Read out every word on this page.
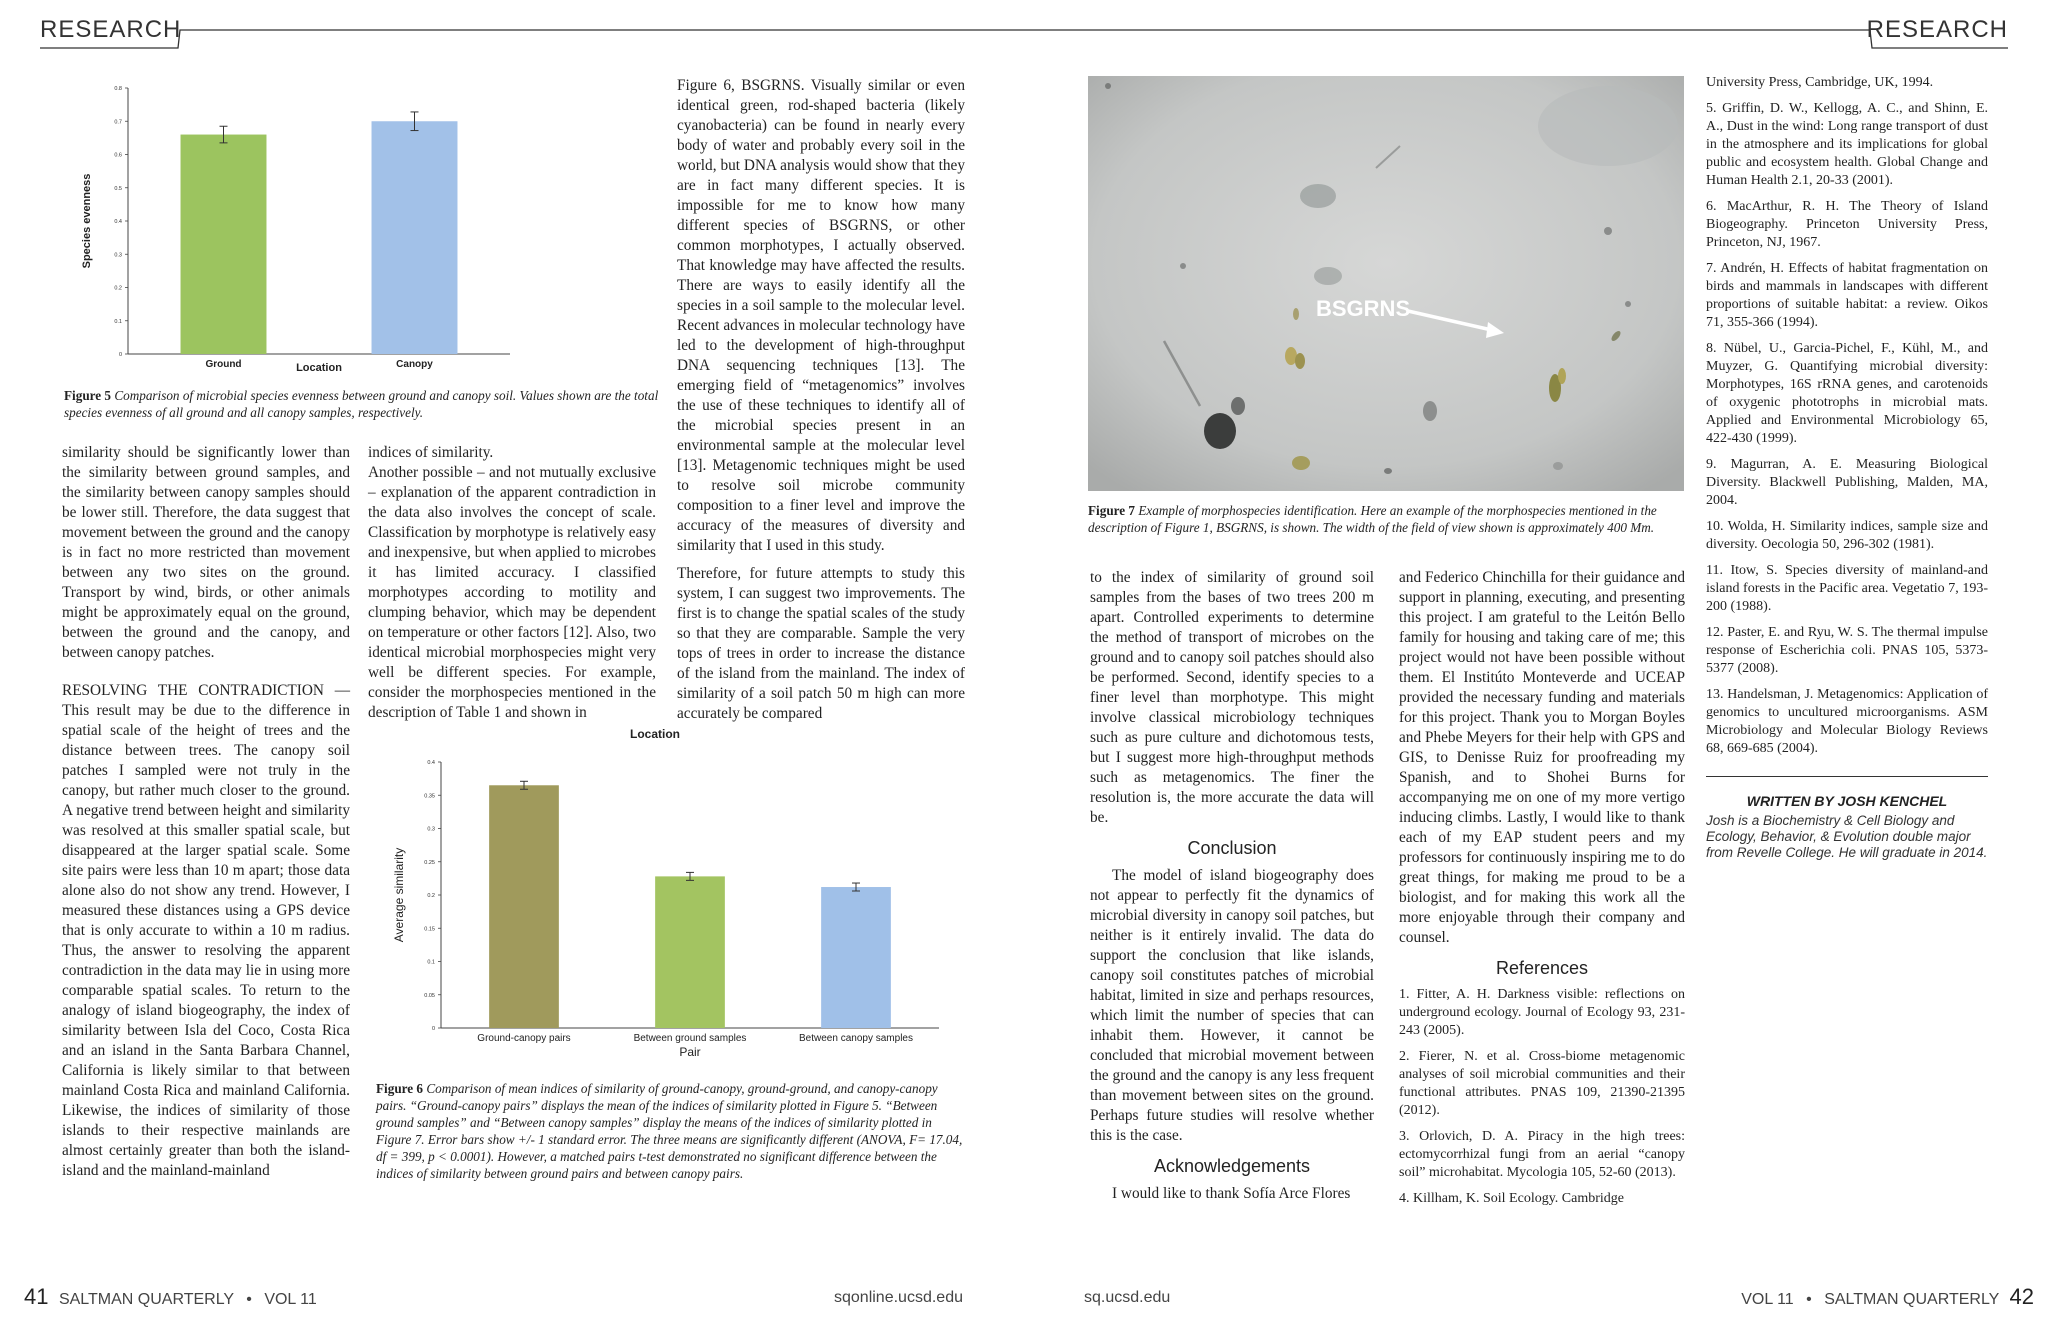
RESEARCH	RESEARCH
0
0.1
0.2
0.3
0.4
0.5
0.6
0.7
0.8
Ground	Canopy
Location
Species evenness
Figure 5 Comparison of microbial species evenness between ground and canopy soil. Values shown are the total species evenness of all ground and all canopy samples, respectively.

similarity should be significantly lower than the similarity between ground samples, and the similarity between canopy samples should be lower still. Therefore, the data suggest that movement between the ground and the canopy is in fact no more restricted than movement between any two sites on the ground. Transport by wind, birds, or other animals might be approximately equal on the ground, between the ground and the canopy, and between canopy patches.

RESOLVING THE CONTRADICTION — This result may be due to the difference in spatial scale of the height of trees and the distance between trees. The canopy soil patches I sampled were not truly in the canopy, but rather much closer to the ground. A negative trend between height and similarity was resolved at this smaller spatial scale, but disappeared at the larger spatial scale. Some site pairs were less than 10 m apart; those data alone also do not show any trend. However, I measured these distances using a GPS device that is only accurate to within a 10 m radius. Thus, the answer to resolving the apparent contradiction in the data may lie in using more comparable spatial scales. To return to the analogy of island biogeography, the index of similarity between Isla del Coco, Costa Rica and an island in the Santa Barbara Channel, California is likely similar to that between mainland Costa Rica and mainland California. Likewise, the indices of similarity of those islands to their respective mainlands are almost certainly greater than both the island-island and the mainland-mainland

indices of similarity.

Another possible – and not mutually exclusive – explanation of the apparent contradiction in the data also involves the concept of scale. Classification by morphotype is relatively easy and inexpensive, but when applied to microbes it has limited accuracy. I classified morphotypes according to motility and clumping behavior, which may be dependent on temperature or other factors [12]. Also, two identical microbial morphospecies might very well be different species. For example, consider the morphospecies mentioned in the description of Table 1 and shown in

Figure 6, BSGRNS. Visually similar or even identical green, rod-shaped bacteria (likely cyanobacteria) can be found in nearly every body of water and probably every soil in the world, but DNA analysis would show that they are in fact many different species. It is impossible for me to know how many different species of BSGRNS, or other common morphotypes, I actually observed. That knowledge may have affected the results. There are ways to easily identify all the species in a soil sample to the molecular level. Recent advances in molecular technology have led to the development of high-throughput DNA sequencing techniques [13]. The emerging field of “metagenomics” involves the use of these techniques to identify all of the microbial species present in an environmental sample at the molecular level [13]. Metagenomic techniques might be used to resolve soil microbe community composition to a finer level and improve the accuracy of the measures of diversity and similarity that I used in this study.

Therefore, for future attempts to study this system, I can suggest two improvements. The first is to change the spatial scales of the study so that they are comparable. Sample the very tops of trees in order to increase the distance of the island from the mainland. The index of similarity of a soil patch 50 m high can more accurately be compared

0
0.05
0.1
0.15
0.2
0.25
0.3
0.35
0.4
Ground-canopy pairs	Between ground samples	Between canopy samples
Pair
Average similarity
Location
Figure 6 Comparison of mean indices of similarity of ground-canopy, ground-ground, and canopy-canopy pairs. “Ground-canopy pairs” displays the mean of the indices of similarity plotted in Figure 5. “Between ground samples” and “Between canopy samples” display the means of the indices of similarity plotted in Figure 7. Error bars show +/- 1 standard error. The three means are significantly different (ANOVA, F= 17.04, df = 399, p < 0.0001). However, a matched pairs t-test demonstrated no significant difference between the indices of similarity between ground pairs and between canopy pairs.
BSGRNS
Figure 7 Example of morphospecies identification. Here an example of the morphospecies mentioned in the description of Figure 1, BSGRNS, is shown. The width of the field of view shown is approximately 400 Mm.

to the index of similarity of ground soil samples from the bases of two trees 200 m apart. Controlled experiments to determine the method of transport of microbes on the ground and to canopy soil patches should also be performed. Second, identify species to a finer level than morphotype. This might involve classical microbiology techniques such as pure culture and dichotomous tests, but I suggest more high-throughput methods such as metagenomics. The finer the resolution is, the more accurate the data will be.

Conclusion

The model of island biogeography does not appear to perfectly fit the dynamics of microbial diversity in canopy soil patches, but neither is it entirely invalid. The data do support the conclusion that like islands, canopy soil constitutes patches of microbial habitat, limited in size and perhaps resources, which limit the number of species that can inhabit them. However, it cannot be concluded that microbial movement between the ground and the canopy is any less frequent than movement between sites on the ground. Perhaps future studies will resolve whether this is the case.

Acknowledgements

I would like to thank Sofía Arce Flores

and Federico Chinchilla for their guidance and support in planning, executing, and presenting this project. I am grateful to the Leitón Bello family for housing and taking care of me; this project would not have been possible without them. El Institúto Monteverde and UCEAP provided the necessary funding and materials for this project. Thank you to Morgan Boyles and Phebe Meyers for their help with GPS and GIS, to Denisse Ruiz for proofreading my Spanish, and to Shohei Burns for accompanying me on one of my more vertigo inducing climbs. Lastly, I would like to thank each of my EAP student peers and my professors for continuously inspiring me to do great things, for making me proud to be a biologist, and for making this work all the more enjoyable through their company and counsel.

References

1. Fitter, A. H. Darkness visible: reflections on underground ecology. Journal of Ecology 93, 231-243 (2005).

2. Fierer, N. et al. Cross-biome metagenomic analyses of soil microbial communities and their functional attributes. PNAS 109, 21390-21395 (2012).

3. Orlovich, D. A. Piracy in the high trees: ectomycorrhizal fungi from an aerial “canopy soil” microhabitat. Mycologia 105, 52-60 (2013).

4. Killham, K. Soil Ecology. Cambridge

University Press, Cambridge, UK, 1994.

5. Griffin, D. W., Kellogg, A. C., and Shinn, E. A., Dust in the wind: Long range transport of dust in the atmosphere and its implications for global public and ecosystem health. Global Change and Human Health 2.1, 20-33 (2001).

6. MacArthur, R. H. The Theory of Island Biogeography. Princeton University Press, Princeton, NJ, 1967.

7. Andrén, H. Effects of habitat fragmentation on birds and mammals in landscapes with different proportions of suitable habitat: a review. Oikos 71, 355-366 (1994).

8. Nübel, U., Garcia-Pichel, F., Kühl, M., and Muyzer, G. Quantifying microbial diversity: Morphotypes, 16S rRNA genes, and carotenoids of oxygenic phototrophs in microbial mats. Applied and Environmental Microbiology 65, 422-430 (1999).

9. Magurran, A. E. Measuring Biological Diversity. Blackwell Publishing, Malden, MA, 2004.

10. Wolda, H. Similarity indices, sample size and diversity. Oecologia 50, 296-302 (1981).

11. Itow, S. Species diversity of mainland-and island forests in the Pacific area. Vegetatio 7, 193-200 (1988).

12. Paster, E. and Ryu, W. S. The thermal impulse response of Escherichia coli. PNAS 105, 5373-5377 (2008).

13. Handelsman, J. Metagenomics: Application of genomics to uncultured microorganisms. ASM Microbiology and Molecular Biology Reviews 68, 669-685 (2004).

WRITTEN BY JOSH KENCHEL
Josh is a Biochemistry & Cell Biology and Ecology, Behavior, & Evolution double major from Revelle College. He will graduate in 2014.
41 SALTMAN QUARTERLY • VOL 11	sqonline.ucsd.edu	sq.ucsd.edu	VOL 11 • SALTMAN QUARTERLY 42
